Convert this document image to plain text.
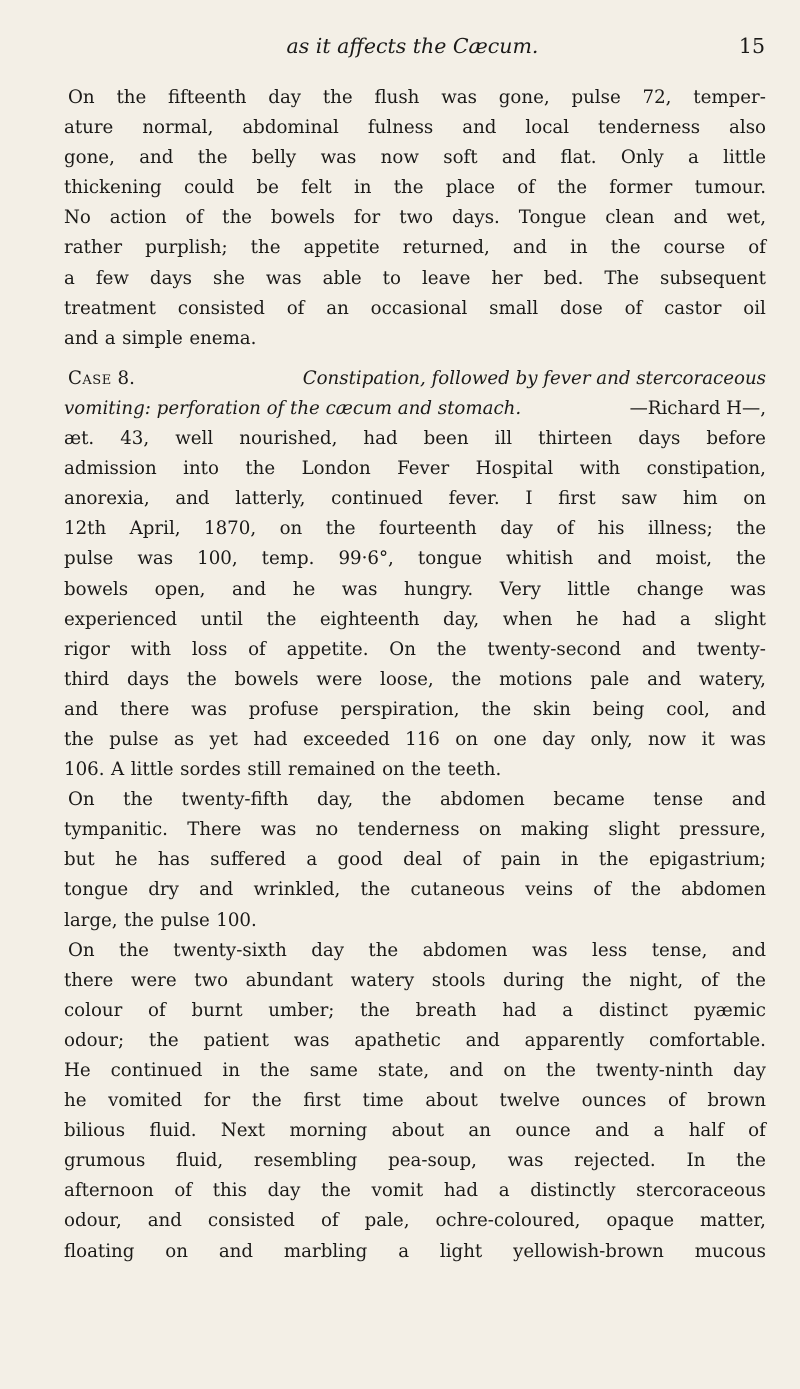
as it affects the Cæcum.	15
On the fifteenth day the flush was gone, pulse 72, temper-
ature normal, abdominal fulness and local tenderness also
gone, and the belly was now soft and flat. Only a little
thickening could be felt in the place of the former tumour.
No action of the bowels for two days. Tongue clean and wet,
rather purplish; the appetite returned, and in the course of
a few days she was able to leave her bed. The subsequent
treatment consisted of an occasional small dose of castor oil
and a simple enema.
Case 8.	Constipation, followed by fever and stercoraceous
vomiting: perforation of the cæcum and stomach.	—Richard H—,
æt. 43, well nourished, had been ill thirteen days before
admission into the London Fever Hospital with constipation,
anorexia, and latterly, continued fever. I first saw him on
12th April, 1870, on the fourteenth day of his illness; the
pulse was 100, temp. 99·6°, tongue whitish and moist, the
bowels open, and he was hungry. Very little change was
experienced until the eighteenth day, when he had a slight
rigor with loss of appetite. On the twenty-second and twenty-
third days the bowels were loose, the motions pale and watery,
and there was profuse perspiration, the skin being cool, and
the pulse as yet had exceeded 116 on one day only, now it was
106. A little sordes still remained on the teeth.
On the twenty-fifth day, the abdomen became tense and
tympanitic. There was no tenderness on making slight pressure,
but he has suffered a good deal of pain in the epigastrium;
tongue dry and wrinkled, the cutaneous veins of the abdomen
large, the pulse 100.
On the twenty-sixth day the abdomen was less tense, and
there were two abundant watery stools during the night, of the
colour of burnt umber; the breath had a distinct pyæmic
odour; the patient was apathetic and apparently comfortable.
He continued in the same state, and on the twenty-ninth day
he vomited for the first time about twelve ounces of brown
bilious fluid. Next morning about an ounce and a half of
grumous fluid, resembling pea-soup, was rejected. In the
afternoon of this day the vomit had a distinctly stercoraceous
odour, and consisted of pale, ochre-coloured, opaque matter,
floating on and marbling a light yellowish-brown mucous
